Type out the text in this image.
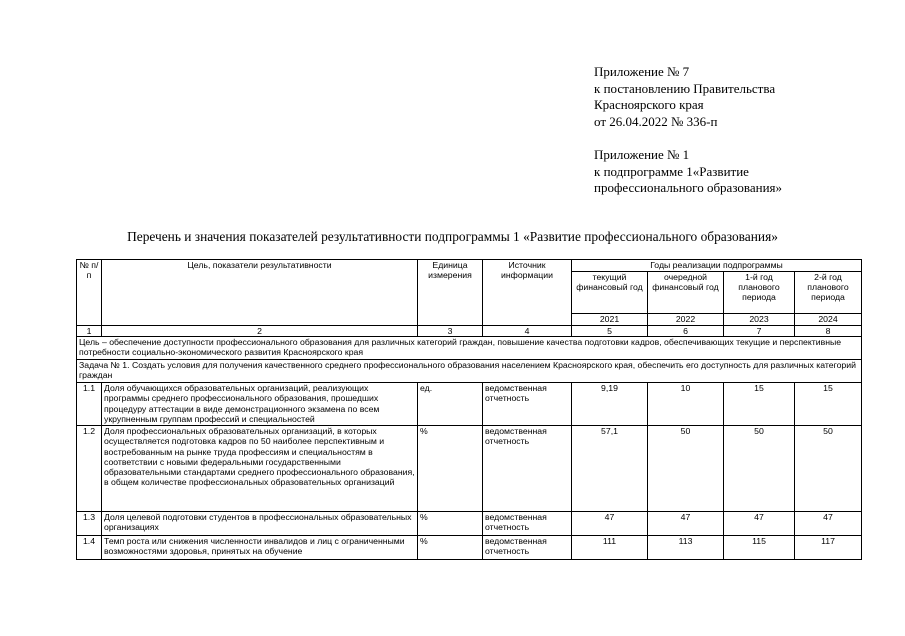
Приложение № 7
к постановлению Правительства
Красноярского края
от 26.04.2022 № 336-п
Приложение № 1
к подпрограмме 1«Развитие
профессионального образования»
Перечень и значения показателей результативности подпрограммы 1 «Развитие профессионального образования»
№ п/п	Цель, показатели результативности	Единица измерения	Источник информации	Годы реализации подпрограммы			
				текущий финансовый год	очередной финансовый год	1-й год планового периода	2-й год планового периода
				2021	2022	2023	2024
1	2	3	4	5	6	7	8
Цель – обеспечение доступности профессионального образования для различных категорий граждан, повышение качества подготовки кадров, обеспечивающих текущие и перспективные потребности социально-экономического развития Красноярского края							
Задача № 1. Создать условия для получения качественного среднего профессионального образования населением Красноярского края, обеспечить его доступность для различных категорий граждан							
1.1	Доля обучающихся образовательных организаций, реализующих программы среднего профессионального образования, прошедших процедуру аттестации в виде демонстрационного экзамена по всем укрупненным группам профессий и специальностей	ед.	ведомственная отчетность	9,19	10	15	15
1.2	Доля профессиональных образовательных организаций, в которых осуществляется подготовка кадров по 50 наиболее перспективным и востребованным на рынке труда профессиям и специальностям в соответствии с новыми федеральными государственными образовательными стандартами среднего профессионального образования, в общем количестве профессиональных образовательных организаций	%	ведомственная отчетность	57,1	50	50	50
1.3	Доля целевой подготовки студентов в профессиональных образовательных организациях	%	ведомственная отчетность	47	47	47	47
1.4	Темп роста или снижения численности инвалидов и лиц с ограниченными возможностями здоровья, принятых на обучение	%	ведомственная отчетность	111	113	115	117
